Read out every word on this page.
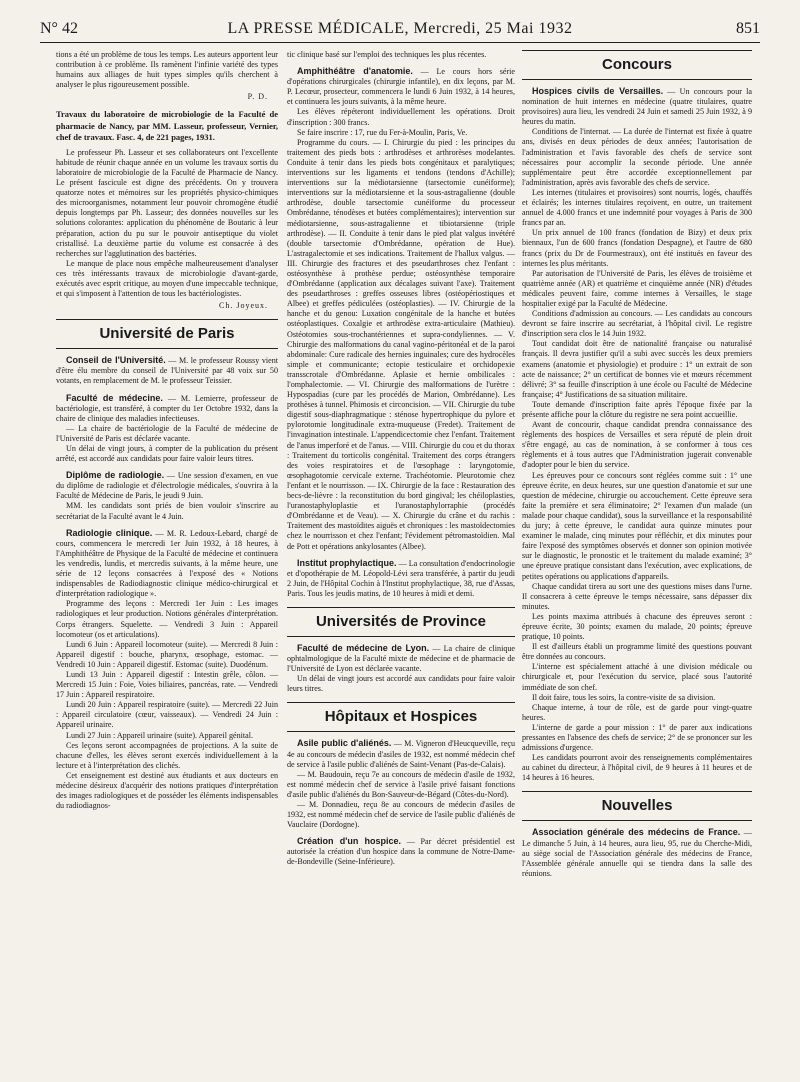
N° 42	LA PRESSE MÉDICALE, Mercredi, 25 Mai 1932	851

tions a été un problème de tous les temps. Les auteurs apportent leur contribution à ce problème. Ils ramènent l'infinie variété des types humains aux alliages de huit types simples qu'ils cherchent à analyser le plus rigoureusement possible.

P. D.

Travaux du laboratoire de microbiologie de la Faculté de pharmacie de Nancy, par MM. Lasseur, professeur, Vernier, chef de travaux. Fasc. 4, de 221 pages, 1931.

Le professeur Ph. Lasseur et ses collaborateurs ont l'excellente habitude de réunir chaque année en un volume les travaux sortis du laboratoire de microbiologie de la Faculté de Pharmacie de Nancy. Le présent fascicule est digne des précédents. On y trouvera quatorze notes et mémoires sur les propriétés physico-chimiques des microorganismes, notamment leur pouvoir chromogène étudié depuis longtemps par Ph. Lasseur; des données nouvelles sur les solutions colorantes: application du phénomène de Boutaric à leur préparation, action du pu sur le pouvoir antiseptique du violet cristallisé. La deuxième partie du volume est consacrée à des recherches sur l'agglutination des bactéries.

Le manque de place nous empêche malheureusement d'analyser ces très intéressants travaux de microbiologie d'avant-garde, exécutés avec esprit critique, au moyen d'une impeccable technique, et qui s'imposent à l'attention de tous les bactériologistes.

Ch. Joyeux.
Université de Paris

Conseil de l'Université. — M. le professeur Roussy vient d'être élu membre du conseil de l'Université par 48 voix sur 50 votants, en remplacement de M. le professeur Teissier.

Faculté de médecine. — M. Lemierre, professeur de bactériologie, est transféré, à compter du 1er Octobre 1932, dans la chaire de clinique des maladies infectieuses.

— La chaire de bactériologie de la Faculté de médecine de l'Université de Paris est déclarée vacante.

Un délai de vingt jours, à compter de la publication du présent arrêté, est accordé aux candidats pour faire valoir leurs titres.

Diplôme de radiologie. — Une session d'examen, en vue du diplôme de radiologie et d'électrologie médicales, s'ouvrira à la Faculté de Médecine de Paris, le jeudi 9 Juin.

MM. les candidats sont priés de bien vouloir s'inscrire au secrétariat de la Faculté avant le 4 Juin.

Radiologie clinique. — M. R. Ledoux-Lebard, chargé de cours, commencera le mercredi 1er Juin 1932, à 18 heures, à l'Amphithéâtre de Physique de la Faculté de médecine et continuera les vendredis, lundis, et mercredis suivants, à la même heure, une série de 12 leçons consacrées à l'exposé des « Notions indispensables de Radiodiagnostic clinique médico-chirurgical et d'interprétation radiologique ».

Programme des leçons : Mercredi 1er Juin : Les images radiologiques et leur production. Notions générales d'interprétation. Corps étrangers. Squelette. — Vendredi 3 Juin : Appareil locomoteur (os et articulations).

Lundi 6 Juin : Appareil locomoteur (suite). — Mercredi 8 Juin : Appareil digestif : bouche, pharynx, œsophage, estomac. — Vendredi 10 Juin : Appareil digestif. Estomac (suite). Duodénum.

Lundi 13 Juin : Appareil digestif : Intestin grêle, côlon. — Mercredi 15 Juin : Foie, Voies biliaires, pancréas, rate. — Vendredi 17 Juin : Appareil respiratoire.

Lundi 20 Juin : Appareil respiratoire (suite). — Mercredi 22 Juin : Appareil circulatoire (cœur, vaisseaux). — Vendredi 24 Juin : Appareil urinaire.

Lundi 27 Juin : Appareil urinaire (suite). Appareil génital.

Ces leçons seront accompagnées de projections. A la suite de chacune d'elles, les élèves seront exercés individuellement à la lecture et à l'interprétation des clichés.

Cet enseignement est destiné aux étudiants et aux docteurs en médecine désireux d'acquérir des notions pratiques d'interprétation des images radiologiques et de posséder les éléments indispensables du radiodiagnos-

tic clinique basé sur l'emploi des techniques les plus récentes.

Amphithéâtre d'anatomie. — Le cours hors série d'opérations chirurgicales (chirurgie infantile), en dix leçons, par M. P. Lecœur, prosecteur, commencera le lundi 6 Juin 1932, à 14 heures, et continuera les jours suivants, à la même heure.

Les élèves répéteront individuellement les opérations. Droit d'inscription : 300 francs.

Se faire inscrire : 17, rue du Fer-à-Moulin, Paris, Ve.

Programme du cours. — I. Chirurgie du pied : les principes du traitement des pieds bots : arthrodèses et arthrorèses modelantes. Conduite à tenir dans les pieds bots congénitaux et paralytiques; interventions sur les ligaments et tendons (tendons d'Achille); interventions sur la médiotarsienne (tarsectomie cunéiforme); interventions sur la médiotarsienne et la sous-astragalienne (double arthrodèse, double tarsectomie cunéiforme du processeur Ombrédanne, ténodèses et butées complémentaires); intervention sur médiotarsienne, sous-astragalienne et tibiotarsienne (triple arthrodèse). — II. Conduite à tenir dans le pied plat valgus invétéré (double tarsectomie d'Ombrédanne, opération de Hue). L'astragalectomie et ses indications. Traitement de l'hallux valgus. — III. Chirurgie des fractures et des pseudarthroses chez l'enfant : ostéosynthèse à prothèse perdue; ostéosynthèse temporaire d'Ombrédanne (application aux décalages suivant l'axe). Traitement des pseudarthroses : greffes osseuses libres (ostéopériostiques et Albee) et greffes pédiculées (ostéoplasties). — IV. Chirurgie de la hanche et du genou: Luxation congénitale de la hanche et butées ostéoplastiques. Coxalgie et arthrodèse extra-articulaire (Mathieu). Ostéotomies sous-trochantériennes et supra-condyliennes. — V. Chirurgie des malformations du canal vagino-péritonéal et de la paroi abdominale: Cure radicale des hernies inguinales; cure des hydrocèles simple et communicante; ectopie testiculaire et orchidopexie transscrotale d'Ombrédanne. Aplasie et hernie ombilicales : l'omphalectomie. — VI. Chirurgie des malformations de l'urètre : Hypospadias (cure par les procédés de Marion, Ombrédanne). Les prothèses à tunnel. Phimosis et circoncision. — VII. Chirurgie du tube digestif sous-diaphragmatique : sténose hypertrophique du pylore et pylorotomie longitudinale extra-muqueuse (Fredet). Traitement de l'invagination intestinale. L'appendicectomie chez l'enfant. Traitement de l'anus imperforé et de l'anus. — VIII. Chirurgie du cou et du thorax : Traitement du torticolis congénital. Traitement des corps étrangers des voies respiratoires et de l'œsophage : laryngotomie, œsophagotomie cervicale externe. Trachéotomie. Pleurotomie chez l'enfant et le nourrisson. — IX. Chirurgie de la face : Restauration des becs-de-lièvre : la reconstitution du bord gingival; les chéiloplasties, l'uranostaphyloplastie et l'uranostaphylorraphie (procédés d'Ombrédanne et de Veau). — X. Chirurgie du crâne et du rachis : Traitement des mastoïdites aiguës et chroniques : les mastoïdectomies chez le nourrisson et chez l'enfant; l'évidement pétromastoïdien. Mal de Pott et opérations ankylosantes (Albee).

Institut prophylactique. — La consultation d'endocrinologie et d'opothérapie de M. Léopold-Lévi sera transférée, à partir du jeudi 2 Juin, de l'Hôpital Cochin à l'Institut prophylactique, 38, rue d'Assas, Paris. Tous les jeudis matins, de 10 heures à midi et demi.

Universités de Province

Faculté de médecine de Lyon. — La chaire de clinique ophtalmologique de la Faculté mixte de médecine et de pharmacie de l'Université de Lyon est déclarée vacante.

Un délai de vingt jours est accordé aux candidats pour faire valoir leurs titres.

Hôpitaux et Hospices

Asile public d'aliénés. — M. Vigneron d'Heucqueville, reçu 4e au concours de médecin d'asiles de 1932, est nommé médecin chef de service à l'asile public d'aliénés de Saint-Venant (Pas-de-Calais).

— M. Baudouin, reçu 7e au concours de médecin d'asile de 1932, est nommé médecin chef de service à l'asile privé faisant fonctions d'asile public d'aliénés du Bon-Sauveur-de-Bégard (Côtes-du-Nord).

— M. Donnadieu, reçu 8e au concours de médecin d'asiles de 1932, est nommé médecin chef de service de l'asile public d'aliénés de Vauclaire (Dordogne).

Création d'un hospice. — Par décret présidentiel est autorisée la création d'un hospice dans la commune de Notre-Dame-de-Bondeville (Seine-Inférieure).

Concours

Hospices civils de Versailles. — Un concours pour la nomination de huit internes en médecine (quatre titulaires, quatre provisoires) aura lieu, les vendredi 24 Juin et samedi 25 Juin 1932, à 9 heures du matin.

Conditions de l'internat. — La durée de l'internat est fixée à quatre ans, divisés en deux périodes de deux années; l'autorisation de l'administration et l'avis favorable des chefs de service sont nécessaires pour accomplir la seconde période. Une année supplémentaire peut être accordée exceptionnellement par l'administration, après avis favorable des chefs de service.

Les internes (titulaires et provisoires) sont nourris, logés, chauffés et éclairés; les internes titulaires reçoivent, en outre, un traitement annuel de 4.000 francs et une indemnité pour voyages à Paris de 300 francs par an.

Un prix annuel de 100 francs (fondation de Bizy) et deux prix biennaux, l'un de 600 francs (fondation Despagne), et l'autre de 680 francs (prix du Dr de Fourmestraux), ont été institués en faveur des internes les plus méritants.

Par autorisation de l'Université de Paris, les élèves de troisième et quatrième année (AR) et quatrième et cinquième année (NR) d'études médicales peuvent faire, comme internes à Versailles, le stage hospitalier exigé par la Faculté de Médecine.

Conditions d'admission au concours. — Les candidats au concours devront se faire inscrire au secrétariat, à l'hôpital civil. Le registre d'inscription sera clos le 14 Juin 1932.

Tout candidat doit être de nationalité française ou naturalisé français. Il devra justifier qu'il a subi avec succès les deux premiers examens (anatomie et physiologie) et produire : 1° un extrait de son acte de naissance; 2° un certificat de bonnes vie et mœurs récemment délivré; 3° sa feuille d'inscription à une école ou Faculté de Médecine française; 4° Justifications de sa situation militaire.

Toute demande d'inscription faite après l'époque fixée par la présente affiche pour la clôture du registre ne sera point accueillie.

Avant de concourir, chaque candidat prendra connaissance des règlements des hospices de Versailles et sera réputé de plein droit s'être engagé, au cas de nomination, à se conformer à tous ces règlements et à tous autres que l'Administration jugerait convenable d'adopter pour le bien du service.

Les épreuves pour ce concours sont réglées comme suit : 1° une épreuve écrite, en deux heures, sur une question d'anatomie et sur une question de médecine, chirurgie ou accouchement. Cette épreuve sera faite la première et sera éliminatoire; 2° l'examen d'un malade (un malade pour chaque candidat), sous la surveillance et la responsabilité du jury; à cette épreuve, le candidat aura quinze minutes pour examiner le malade, cinq minutes pour réfléchir, et dix minutes pour faire l'exposé des symptômes observés et donner son opinion motivée sur le diagnostic, le pronostic et le traitement du malade examiné; 3° une épreuve pratique consistant dans l'exécution, avec explications, de petites opérations ou applications d'appareils.

Chaque candidat tirera au sort une des questions mises dans l'urne. Il consacrera à cette épreuve le temps nécessaire, sans dépasser dix minutes.

Les points maxima attribués à chacune des épreuves seront : épreuve écrite, 30 points; examen du malade, 20 points; épreuve pratique, 10 points.

Il est d'ailleurs établi un programme limité des questions pouvant être données au concours.

L'interne est spécialement attaché à une division médicale ou chirurgicale et, pour l'exécution du service, placé sous l'autorité immédiate de son chef.

Il doit faire, tous les soirs, la contre-visite de sa division.

Chaque interne, à tour de rôle, est de garde pour vingt-quatre heures.

L'interne de garde a pour mission : 1° de parer aux indications pressantes en l'absence des chefs de service; 2° de se prononcer sur les admissions d'urgence.

Les candidats pourront avoir des renseignements complémentaires au cabinet du directeur, à l'hôpital civil, de 9 heures à 11 heures et de 14 heures à 16 heures.

Nouvelles

Association générale des médecins de France. — Le dimanche 5 Juin, à 14 heures, aura lieu, 95, rue du Cherche-Midi, au siège social de l'Association générale des médecins de France, l'Assemblée générale annuelle qui se tiendra dans la salle des réunions.
